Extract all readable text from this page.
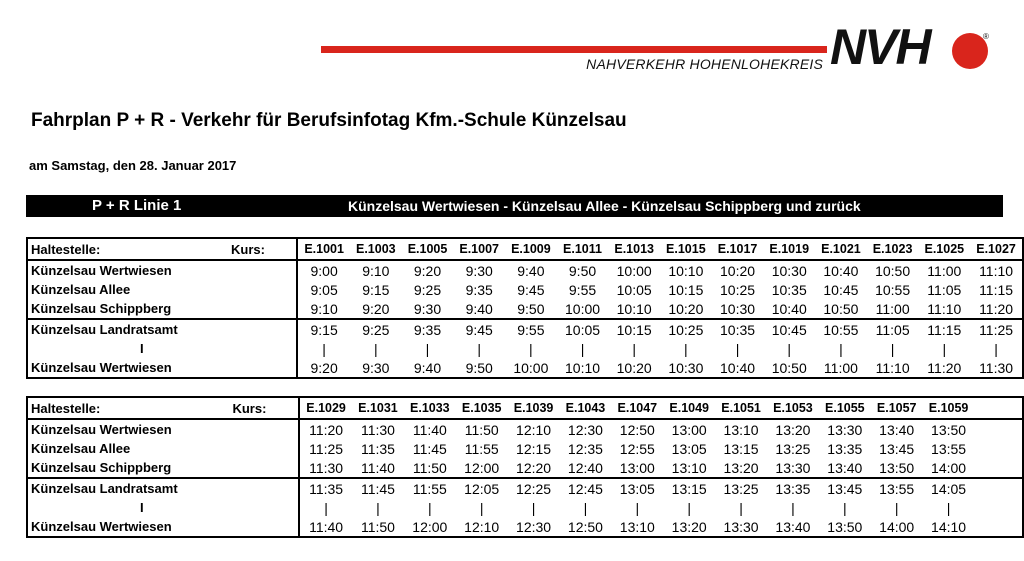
NAHVERKEHR HOHENLOHEKREIS NVH	®
Fahrplan P + R - Verkehr für Berufsinfotag Kfm.-Schule Künzelsau
am Samstag, den 28. Januar 2017
P + R Linie 1	Künzelsau Wertwiesen - Künzelsau Allee - Künzelsau Schippberg und zurück
Haltestelle:	Kurs:	E.1001	E.1003	E.1005	E.1007	E.1009	E.1011	E.1013	E.1015	E.1017	E.1019	E.1021	E.1023	E.1025	E.1027
Künzelsau Wertwiesen		9:00	9:10	9:20	9:30	9:40	9:50	10:00	10:10	10:20	10:30	10:40	10:50	11:00	11:10
Künzelsau Allee		9:05	9:15	9:25	9:35	9:45	9:55	10:05	10:15	10:25	10:35	10:45	10:55	11:05	11:15
Künzelsau Schippberg		9:10	9:20	9:30	9:40	9:50	10:00	10:10	10:20	10:30	10:40	10:50	11:00	11:10	11:20
Künzelsau Landratsamt		9:15	9:25	9:35	9:45	9:55	10:05	10:15	10:25	10:35	10:45	10:55	11:05	11:15	11:25
I		|	|	|	|	|	|	|	|	|	|	|	|	|	|
Künzelsau Wertwiesen		9:20	9:30	9:40	9:50	10:00	10:10	10:20	10:30	10:40	10:50	11:00	11:10	11:20	11:30
Haltestelle:	Kurs:	E.1029	E.1031	E.1033	E.1035	E.1039	E.1043	E.1047	E.1049	E.1051	E.1053	E.1055	E.1057	E.1059	
Künzelsau Wertwiesen		11:20	11:30	11:40	11:50	12:10	12:30	12:50	13:00	13:10	13:20	13:30	13:40	13:50	
Künzelsau Allee		11:25	11:35	11:45	11:55	12:15	12:35	12:55	13:05	13:15	13:25	13:35	13:45	13:55	
Künzelsau Schippberg		11:30	11:40	11:50	12:00	12:20	12:40	13:00	13:10	13:20	13:30	13:40	13:50	14:00	
Künzelsau Landratsamt		11:35	11:45	11:55	12:05	12:25	12:45	13:05	13:15	13:25	13:35	13:45	13:55	14:05	
I		|	|	|	|	|	|	|	|	|	|	|	|	|	
Künzelsau Wertwiesen		11:40	11:50	12:00	12:10	12:30	12:50	13:10	13:20	13:30	13:40	13:50	14:00	14:10	
